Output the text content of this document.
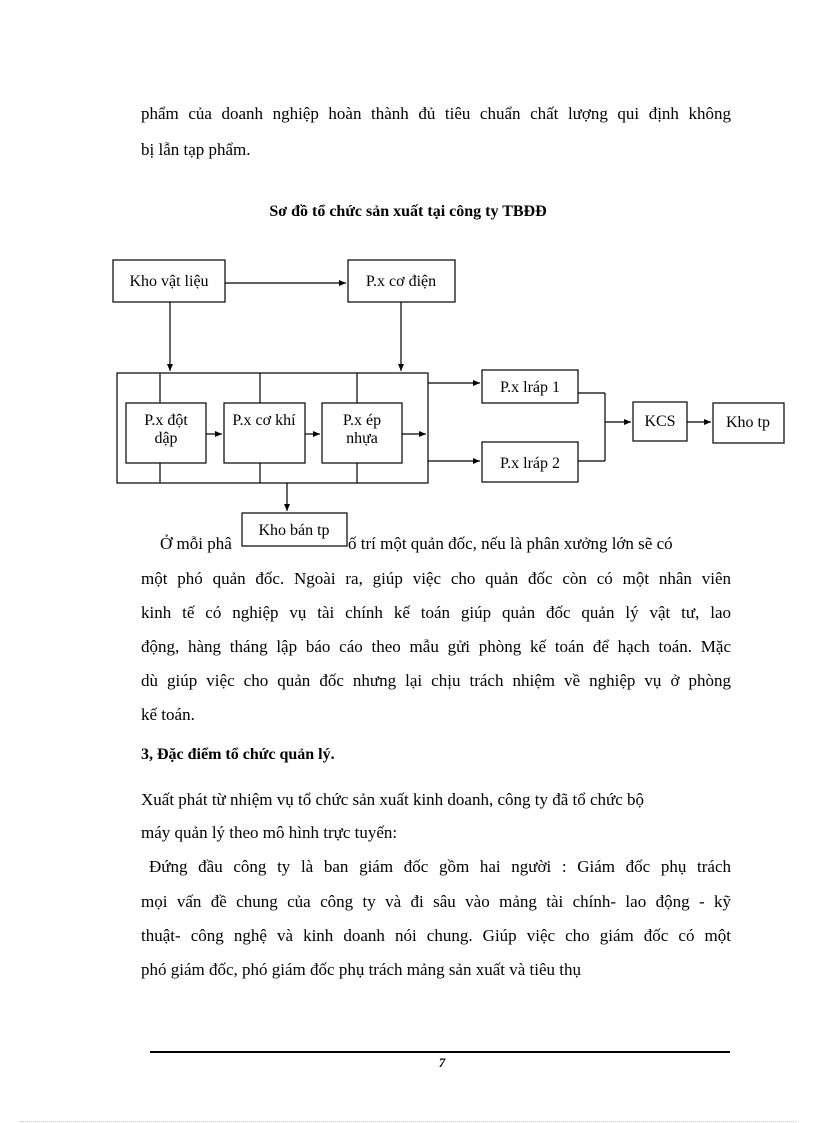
phẩm của doanh nghiệp hoàn thành đủ tiêu chuẩn chất lượng qui định không
bị lẫn tạp phẩm.
Sơ đồ tổ chức sản xuất tại công ty TBĐĐ
Kho vật liệu	P.x cơ điện
P.x đột
dập
P.x cơ khí	P.x ép
nhựa
P.x lráp 1
P.x lráp 2
KCS	Kho tp
Kho bán tp
Ở mỗi phâ	ố trí một quản đốc, nếu là phân xưởng lớn sẽ có
một phó quản đốc. Ngoài ra, giúp việc cho quản đốc còn có một nhân viên
kinh tế có nghiệp vụ tài chính kế toán giúp quản đốc quản lý vật tư, lao
động, hàng tháng lập báo cáo theo mẫu gửi phòng kế toán để hạch toán. Mặc
dù giúp việc cho quản đốc nhưng lại chịu trách nhiệm về nghiệp vụ ở phòng
kế toán.
3, Đặc điểm tổ chức quản lý.
Xuất phát từ nhiệm vụ tổ chức sản xuất kinh doanh, công ty đã tổ chức bộ
máy quản lý theo mô hình trực tuyến:
Đứng đầu công ty là ban giám đốc gồm hai người : Giám đốc phụ trách
mọi vấn đề chung của công ty và đi sâu vào mảng tài chính- lao động - kỹ
thuật- công nghệ và kinh doanh nói chung. Giúp việc cho giám đốc có một
phó giám đốc, phó giám đốc phụ trách mảng sản xuất và tiêu thụ
7
